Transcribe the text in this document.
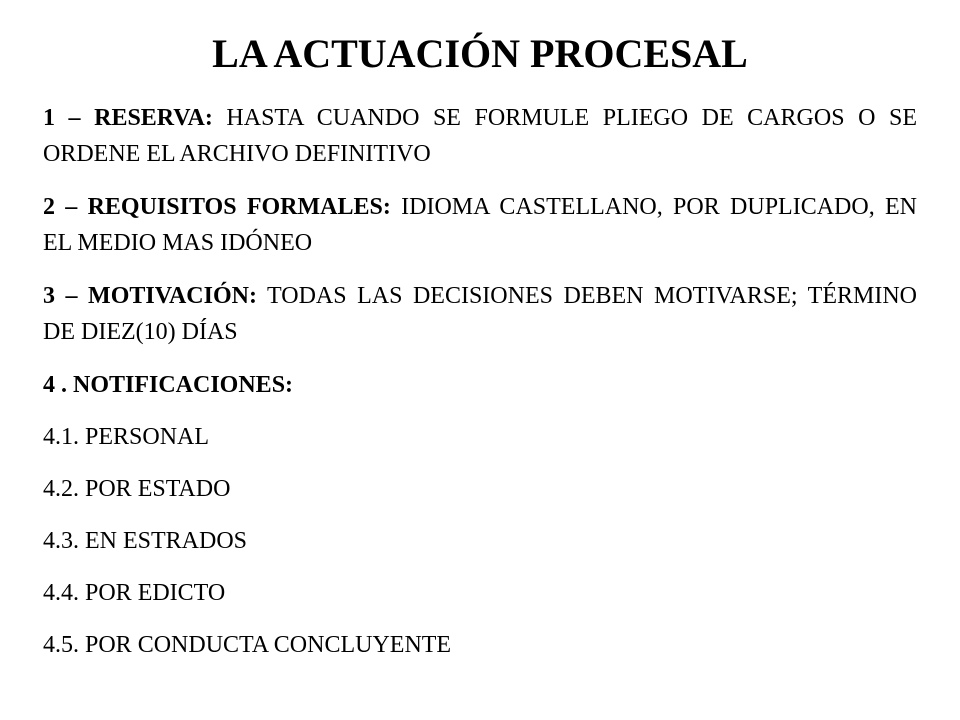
LA ACTUACIÓN PROCESAL

1 – RESERVA: HASTA CUANDO SE FORMULE PLIEGO DE CARGOS O SE ORDENE EL ARCHIVO DEFINITIVO

2 – REQUISITOS FORMALES: IDIOMA CASTELLANO, POR DUPLICADO, EN EL MEDIO MAS IDÓNEO

3 – MOTIVACIÓN: TODAS LAS DECISIONES DEBEN MOTIVARSE; TÉRMINO DE DIEZ(10) DÍAS

4 . NOTIFICACIONES:

4.1. PERSONAL

4.2. POR ESTADO

4.3. EN ESTRADOS

4.4. POR EDICTO

4.5. POR CONDUCTA CONCLUYENTE
